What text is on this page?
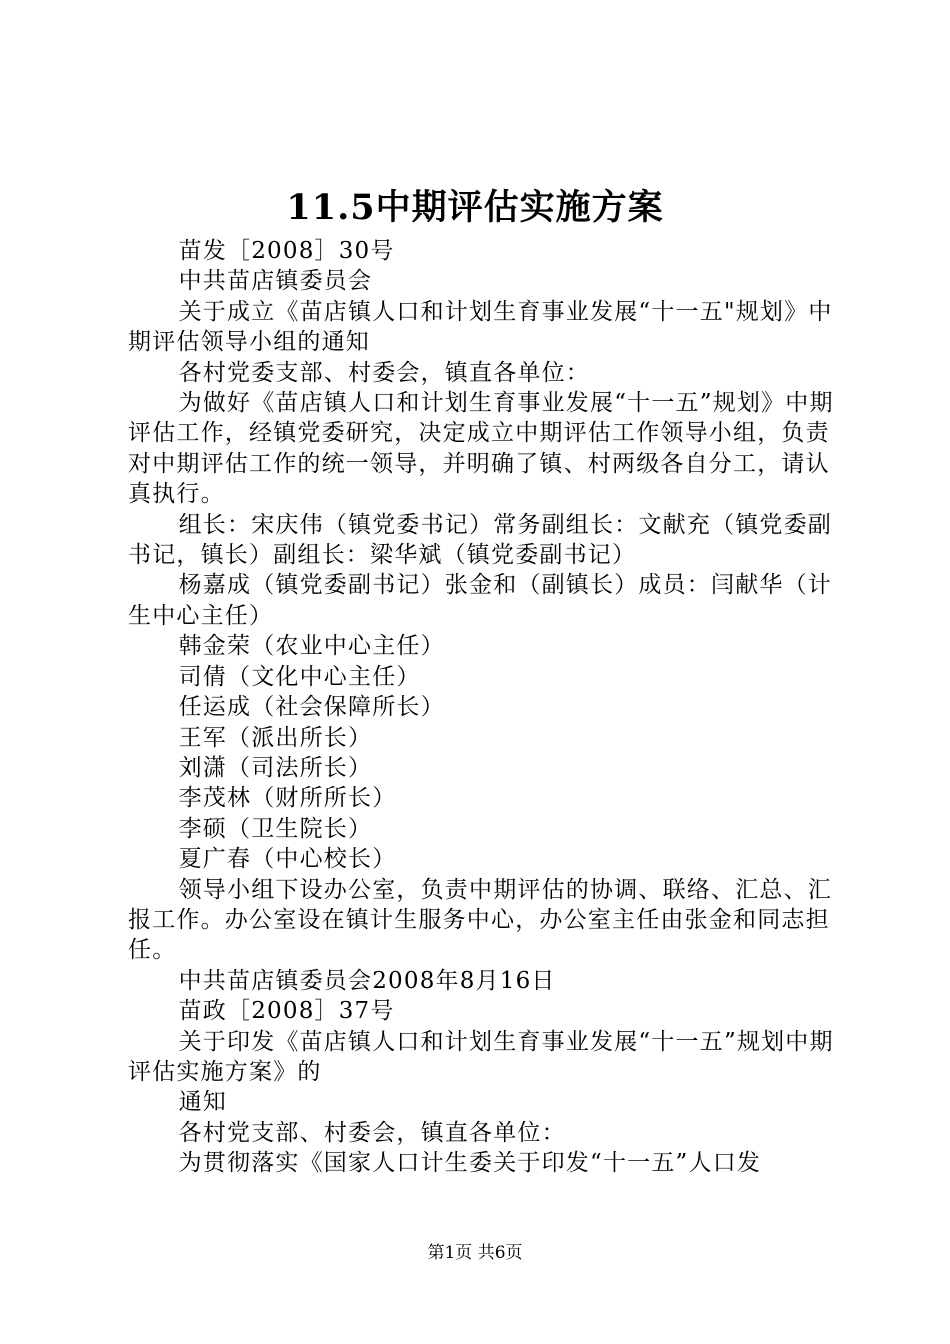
11.5中期评估实施方案

苗发［2008］30号

中共苗店镇委员会

关于成立《苗店镇人口和计划生育事业发展“十一五"规划》中期评估领导小组的通知

各村党委支部、村委会，镇直各单位：

为做好《苗店镇人口和计划生育事业发展“十一五”规划》中期评估工作，经镇党委研究，决定成立中期评估工作领导小组，负责对中期评估工作的统一领导，并明确了镇、村两级各自分工，请认真执行。

组长：宋庆伟（镇党委书记）常务副组长：文献充（镇党委副书记，镇长）副组长：梁华斌（镇党委副书记）

杨嘉成（镇党委副书记）张金和（副镇长）成员：闫献华（计生中心主任）

韩金荣（农业中心主任）

司倩（文化中心主任）

任运成（社会保障所长）

王军（派出所长）

刘潇（司法所长）

李茂林（财所所长）

李硕（卫生院长）

夏广春（中心校长）

领导小组下设办公室，负责中期评估的协调、联络、汇总、汇报工作。办公室设在镇计生服务中心，办公室主任由张金和同志担任。

中共苗店镇委员会2008年8月16日

苗政［2008］37号

关于印发《苗店镇人口和计划生育事业发展“十一五”规划中期评估实施方案》的

通知

各村党支部、村委会，镇直各单位：

为贯彻落实《国家人口计生委关于印发“十一五”人口发

第1页 共6页
